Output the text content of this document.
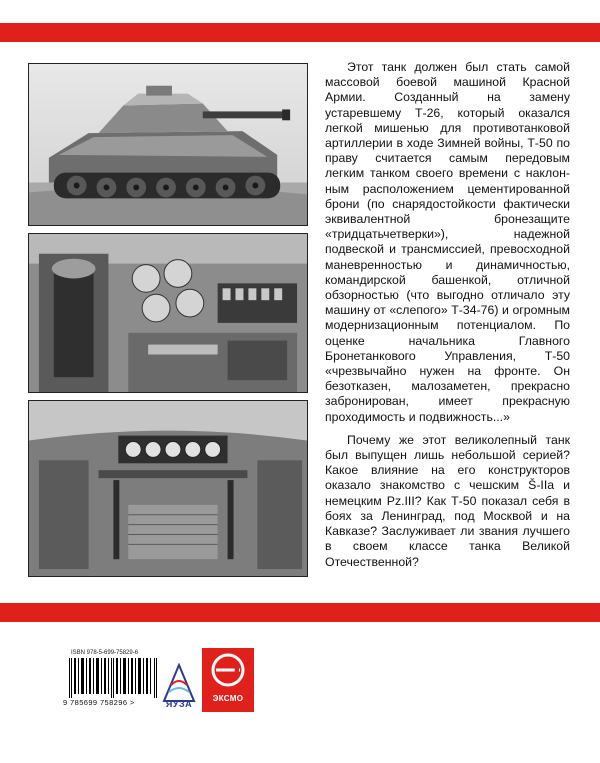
Этот танк должен был стать самой массовой боевой машиной Красной Армии. Созданный на замену устаревшему Т-26, который оказался легкой мишенью для противотанковой артиллерии в ходе Зимней войны, Т-50 по праву считается самым передовым легким танком своего времени с наклонным расположением цементированной брони (по снарядостойкости фактически эквивалентной бронезащите «тридцатьчетверки»), надежной подвеской и трансмиссией, превосходной маневренностью и динамичностью, командирской башенкой, отличной обзорностью (что выгодно отличало эту машину от «слепого» Т-34-76) и огромным модернизационным потенциалом. По оценке начальника Главного Бронетанкового Управления, Т-50 «чрезвычайно нужен на фронте. Он безотказен, малозаметен, прекрасно забронирован, имеет прекрасную проходимость и подвижность...»

Почему же этот великолепный танк был выпущен лишь небольшой серией? Какое влияние на его конструкторов оказало знакомство с чешским Š-IIa и немецким Pz.III? Как Т-50 показал себя в боях за Ленинград, под Москвой и на Кавказе? Заслуживает ли звания лучшего в своем классе танка Великой Отечественной?

ISBN 978-5-699-75829-6
9 785699 758296 >	ЯУЗА
ЭКСМО
